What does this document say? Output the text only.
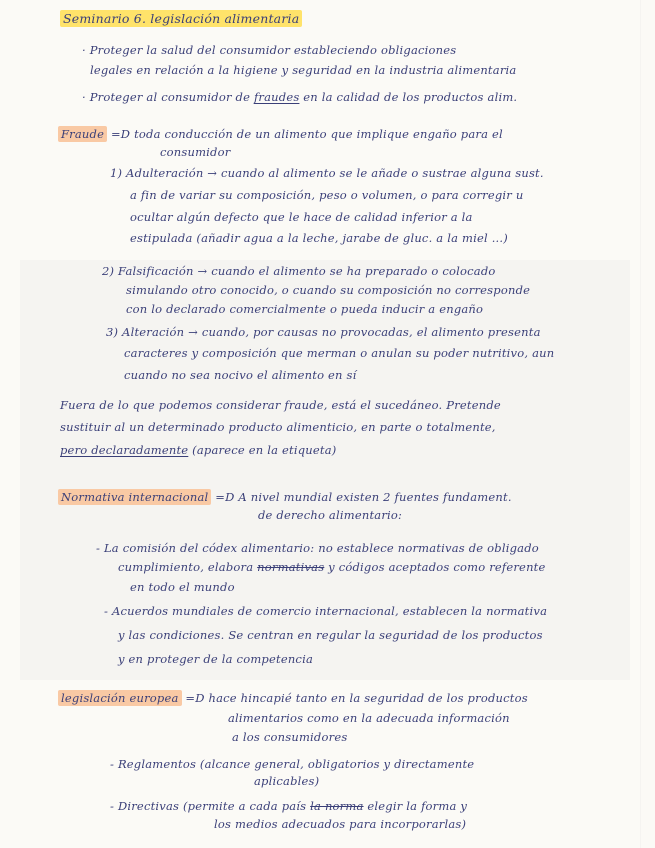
Seminario 6. legislación alimentaria
· Proteger la salud del consumidor estableciendo obligaciones
legales en relación a la higiene y seguridad en la industria alimentaria
· Proteger al consumidor de fraudes en la calidad de los productos alim.
Fraude =D toda conducción de un alimento que implique engaño para el
consumidor
1) Adulteración → cuando al alimento se le añade o sustrae alguna sust.
a fin de variar su composición, peso o volumen, o para corregir u
ocultar algún defecto que le hace de calidad inferior a la
estipulada (añadir agua a la leche, jarabe de gluc. a la miel ...)
2) Falsificación → cuando el alimento se ha preparado o colocado
simulando otro conocido, o cuando su composición no corresponde
con lo declarado comercialmente o pueda inducir a engaño
3) Alteración → cuando, por causas no provocadas, el alimento presenta
caracteres y composición que merman o anulan su poder nutritivo, aun
cuando no sea nocivo el alimento en sí
Fuera de lo que podemos considerar fraude, está el sucedáneo. Pretende
sustituir al un determinado producto alimenticio, en parte o totalmente,
pero declaradamente (aparece en la etiqueta)
Normativa internacional =D A nivel mundial existen 2 fuentes fundament.
de derecho alimentario:
- La comisión del códex alimentario: no establece normativas de obligado
cumplimiento, elabora normativas y códigos aceptados como referente
en todo el mundo
- Acuerdos mundiales de comercio internacional, establecen la normativa
y las condiciones. Se centran en regular la seguridad de los productos
y en proteger de la competencia
legislación europea =D hace hincapié tanto en la seguridad de los productos
alimentarios como en la adecuada información
a los consumidores
- Reglamentos (alcance general, obligatorios y directamente
aplicables)
- Directivas (permite a cada país la norma elegir la forma y
los medios adecuados para incorporarlas)
